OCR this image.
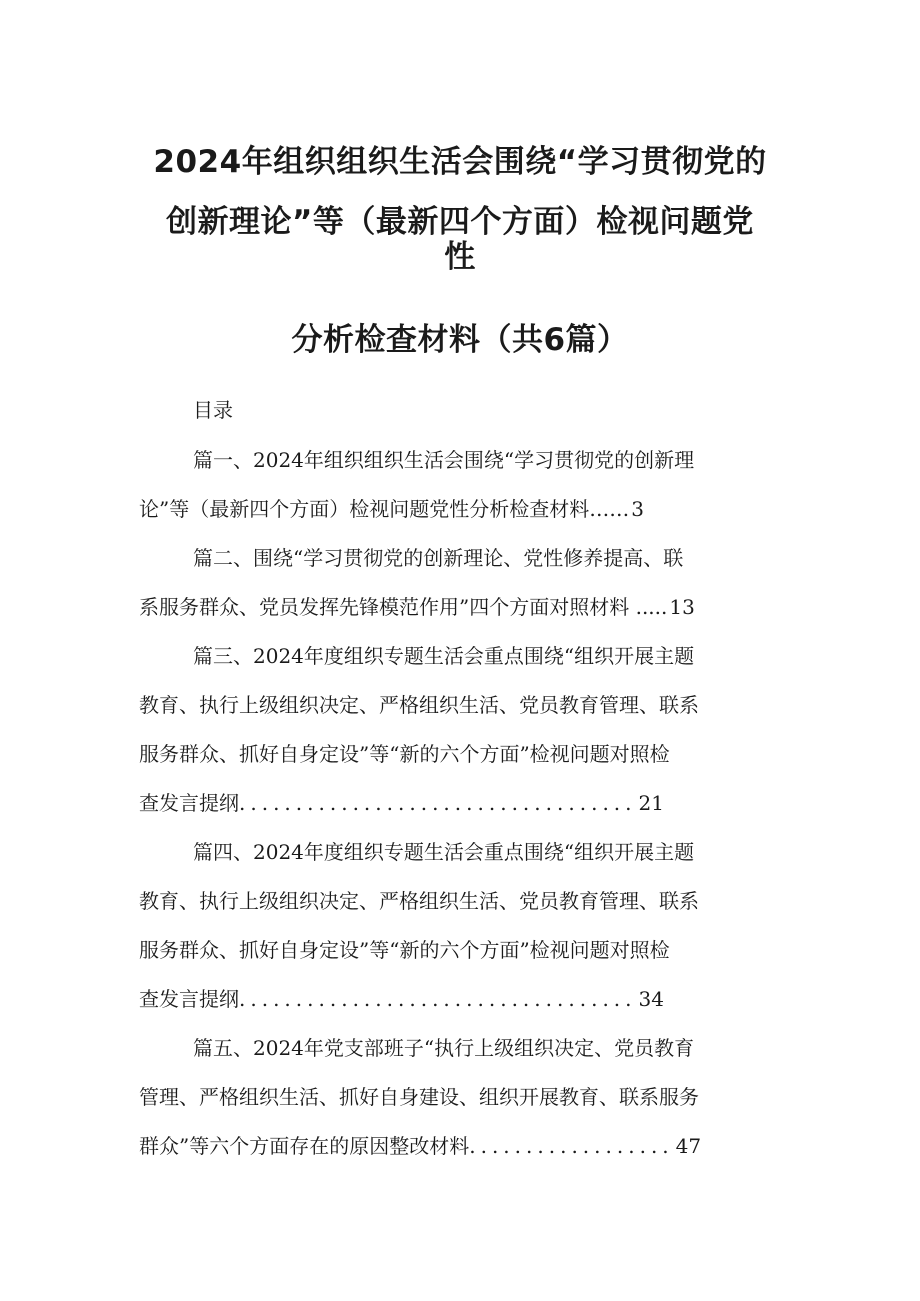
2024年组织组织生活会围绕“学习贯彻党的
创新理论”等（最新四个方面）检视问题党
性
分析检查材料（共6篇）
目录
篇一、2024年组织组织生活会围绕“学习贯彻党的创新理
论”等（最新四个方面）检视问题党性分析检查材料…… 3
篇二、围绕“学习贯彻党的创新理论、党性修养提高、联
系服务群众、党员发挥先锋模范作用”四个方面对照材料 ..... 13
篇三、2024年度组织专题生活会重点围绕“组织开展主题
教育、执行上级组织决定、严格组织生活、党员教育管理、联系
服务群众、抓好自身定设”等“新的六个方面”检视问题对照检
查发言提纲................................... 21
篇四、2024年度组织专题生活会重点围绕“组织开展主题
教育、执行上级组织决定、严格组织生活、党员教育管理、联系
服务群众、抓好自身定设”等“新的六个方面”检视问题对照检
查发言提纲................................... 34
篇五、2024年党支部班子“执行上级组织决定、党员教育
管理、严格组织生活、抓好自身建设、组织开展教育、联系服务
群众”等六个方面存在的原因整改材料.................. 47
